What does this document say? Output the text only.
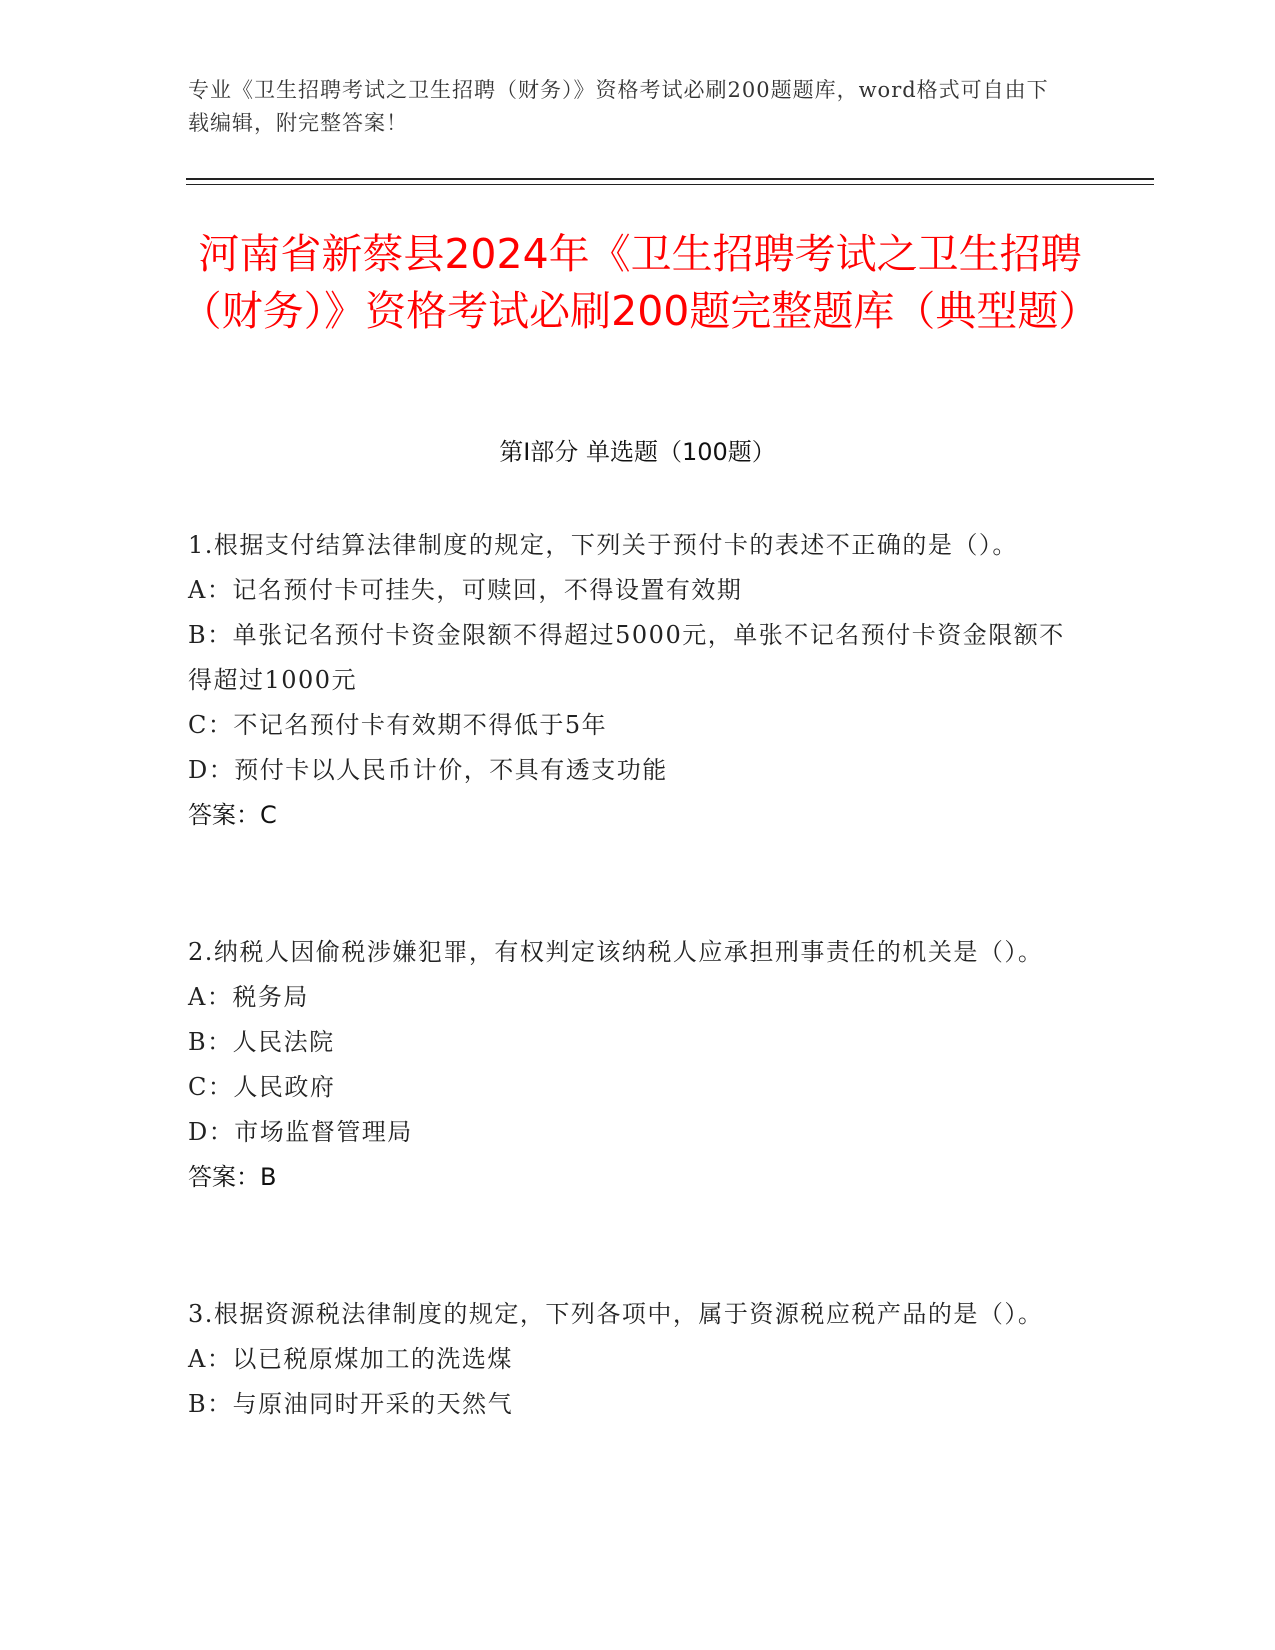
专业《卫生招聘考试之卫生招聘（财务）》资格考试必刷200题题库，word格式可自由下载编辑，附完整答案！
河南省新蔡县2024年《卫生招聘考试之卫生招聘（财务）》资格考试必刷200题完整题库（典型题）
第I部分 单选题（100题）

1.根据支付结算法律制度的规定，下列关于预付卡的表述不正确的是（）。

A：记名预付卡可挂失，可赎回，不得设置有效期

B：单张记名预付卡资金限额不得超过5000元，单张不记名预付卡资金限额不得超过1000元

C：不记名预付卡有效期不得低于5年

D：预付卡以人民币计价，不具有透支功能

答案：C

2.纳税人因偷税涉嫌犯罪，有权判定该纳税人应承担刑事责任的机关是（）。

A：税务局

B：人民法院

C：人民政府

D：市场监督管理局

答案：B

3.根据资源税法律制度的规定，下列各项中，属于资源税应税产品的是（）。

A：以已税原煤加工的洗选煤

B：与原油同时开采的天然气
